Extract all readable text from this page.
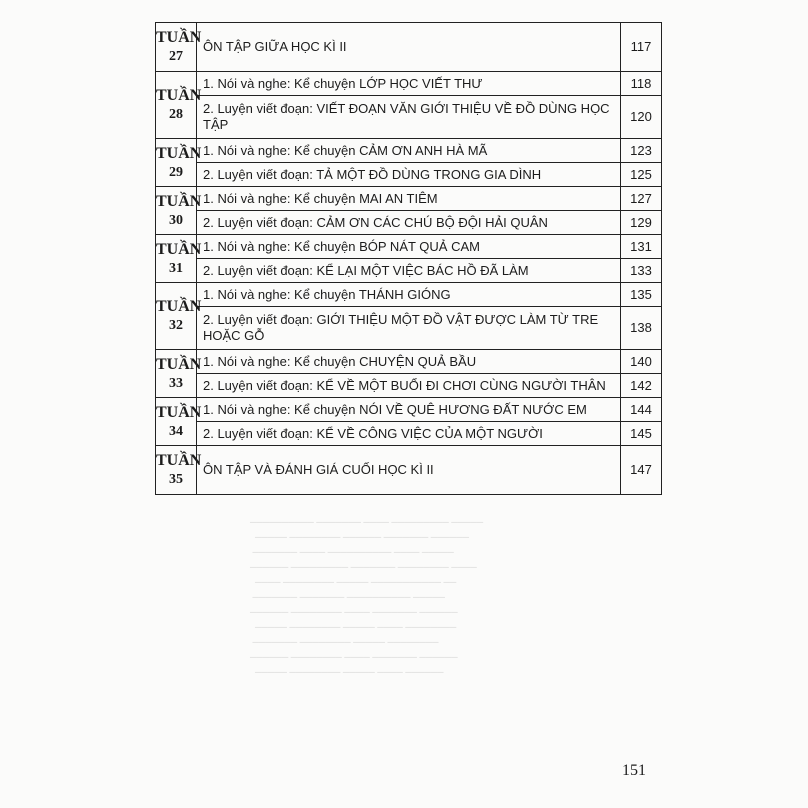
────────── ─────── ──── ───────── ─────
───── ──────── ────── ─────── ──────
─────── ──── ────────── ──── ─────
────── ───────── ─────── ──────── ────
──── ──────── ───── ─────────── ──
─────── ─────── ────────── ─────
────── ──────── ──── ─────── ──────
───── ──────── ───── ──── ────────
─────── ──────── ───── ────────
────── ──────── ──── ─────── ──────
───── ──────── ───── ──── ──────
TUẦN
27	ÔN TẬP GIỮA HỌC KÌ II	117

TUẦN
28	1. Nói và nghe: Kể chuyện LỚP HỌC VIẾT THƯ	118
	2. Luyện viết đoạn: VIẾT ĐOẠN VĂN GIỚI THIỆU VỀ ĐỒ DÙNG HỌC TẬP	120

TUẦN
29	1. Nói và nghe: Kể chuyện CẢM ƠN ANH HÀ MÃ	123
	2. Luyện viết đoạn: TẢ MỘT ĐỒ DÙNG TRONG GIA DÌNH	125

TUẦN
30	1. Nói và nghe: Kể chuyện MAI AN TIÊM	127
	2. Luyện viết đoạn: CẢM ƠN CÁC CHÚ BỘ ĐỘI HẢI QUÂN	129

TUẦN
31	1. Nói và nghe: Kể chuyện BÓP NÁT QUẢ CAM	131
	2. Luyện viết đoạn: KỂ LẠI MỘT VIỆC BÁC HỒ ĐÃ LÀM	133

TUẦN
32	1. Nói và nghe: Kể chuyện THÁNH GIÓNG	135
	2. Luyện viết đoạn: GIỚI THIỆU MỘT ĐỒ VẬT ĐƯỢC LÀM TỪ TRE HOẶC GỖ	138

TUẦN
33	1. Nói và nghe: Kể chuyện CHUYỆN QUẢ BẦU	140
	2. Luyện viết đoạn: KỂ VỀ MỘT BUỔI ĐI CHƠI CÙNG NGƯỜI THÂN	142

TUẦN
34	1. Nói và nghe: Kể chuyện NÓI VỀ QUÊ HƯƠNG ĐẤT NƯỚC EM	144
	2. Luyện viết đoạn: KỂ VỀ CÔNG VIỆC CỦA MỘT NGƯỜI	145

TUẦN
35	ÔN TẬP VÀ ĐÁNH GIÁ CUỐI HỌC KÌ II	147
151
